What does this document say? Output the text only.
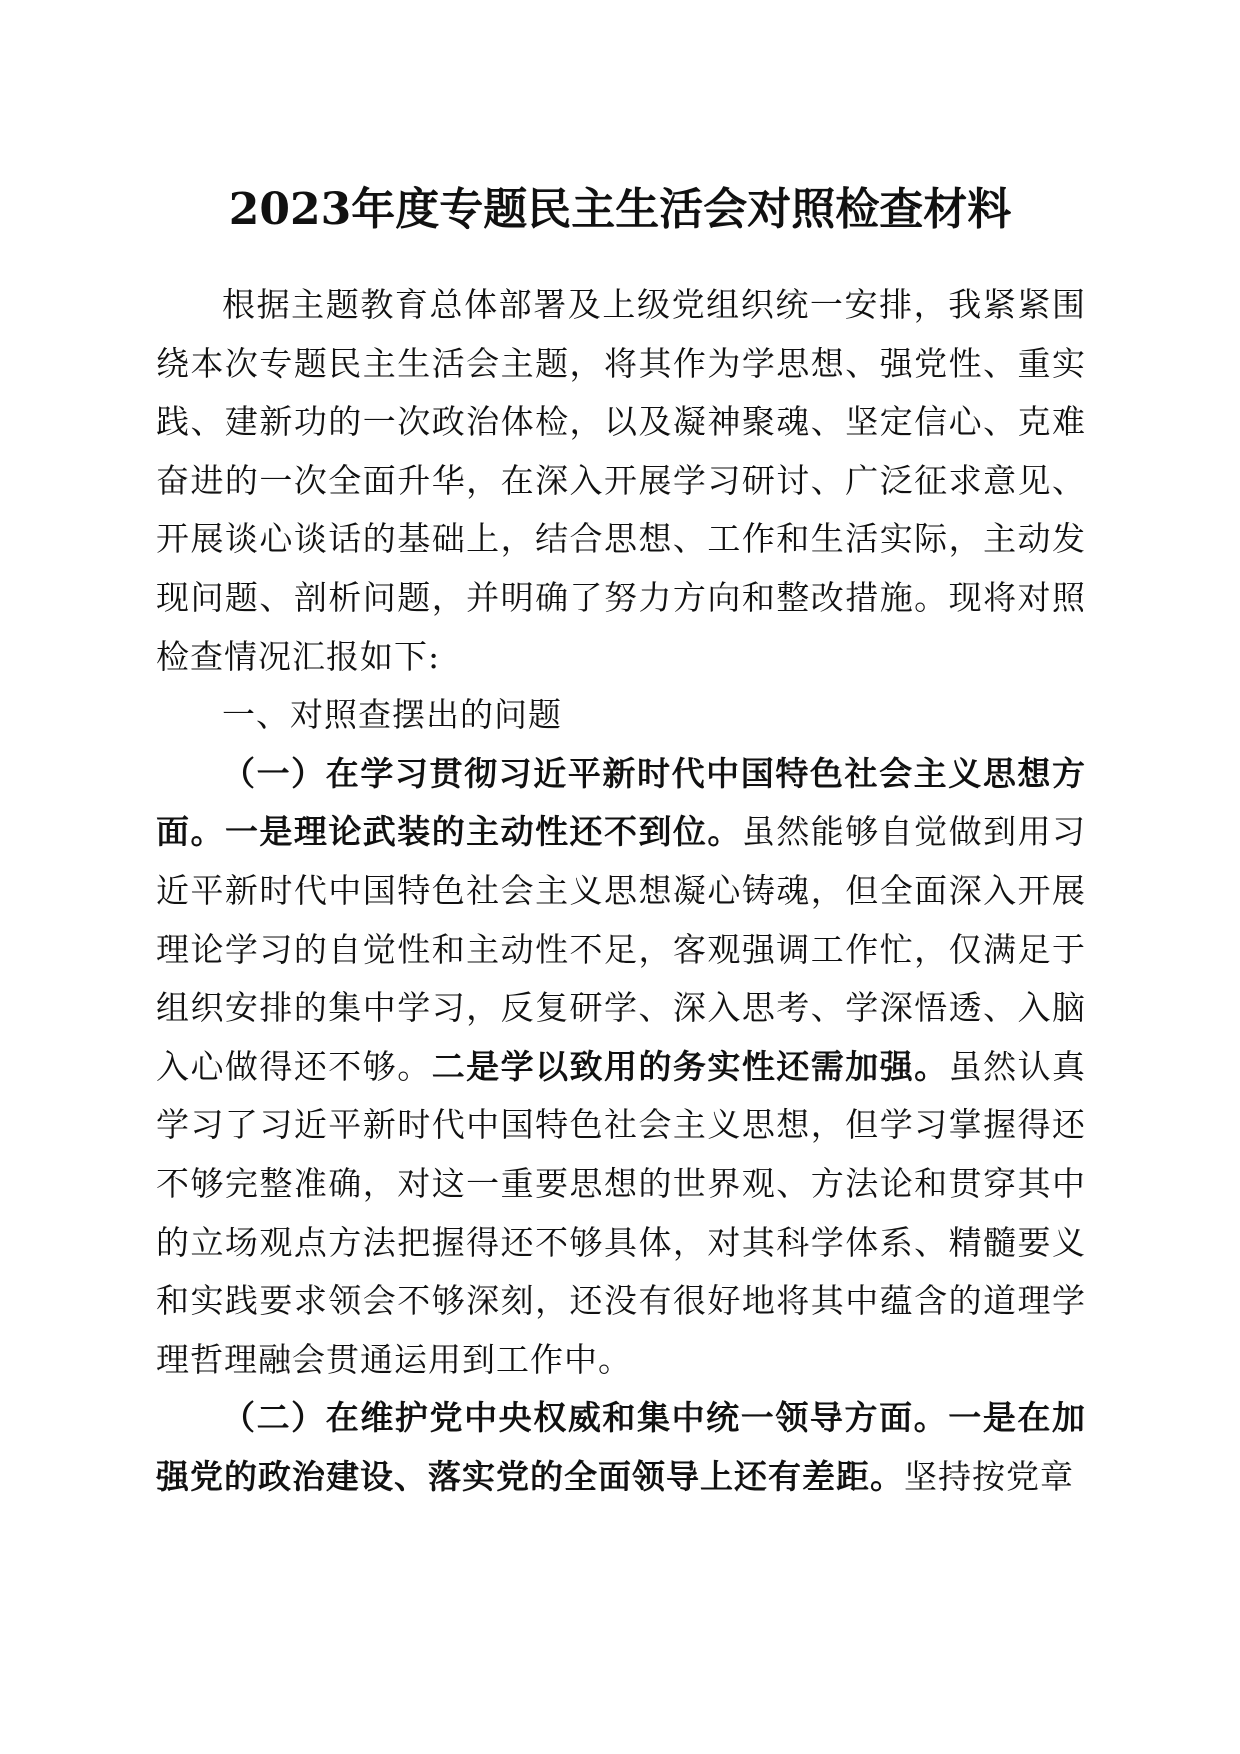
2023年度专题民主生活会对照检查材料

根据主题教育总体部署及上级党组织统一安排，我紧紧围绕本次专题民主生活会主题，将其作为学思想、强党性、重实践、建新功的一次政治体检，以及凝神聚魂、坚定信心、克难奋进的一次全面升华，在深入开展学习研讨、广泛征求意见、开展谈心谈话的基础上，结合思想、工作和生活实际，主动发现问题、剖析问题，并明确了努力方向和整改措施。现将对照检查情况汇报如下:

一、对照查摆出的问题

（一）在学习贯彻习近平新时代中国特色社会主义思想方面。一是理论武装的主动性还不到位。虽然能够自觉做到用习近平新时代中国特色社会主义思想凝心铸魂，但全面深入开展理论学习的自觉性和主动性不足，客观强调工作忙，仅满足于组织安排的集中学习，反复研学、深入思考、学深悟透、入脑入心做得还不够。二是学以致用的务实性还需加强。虽然认真学习了习近平新时代中国特色社会主义思想，但学习掌握得还不够完整准确，对这一重要思想的世界观、方法论和贯穿其中的立场观点方法把握得还不够具体，对其科学体系、精髓要义和实践要求领会不够深刻，还没有很好地将其中蕴含的道理学理哲理融会贯通运用到工作中。

（二）在维护党中央权威和集中统一领导方面。一是在加强党的政治建设、落实党的全面领导上还有差距。坚持按党章
